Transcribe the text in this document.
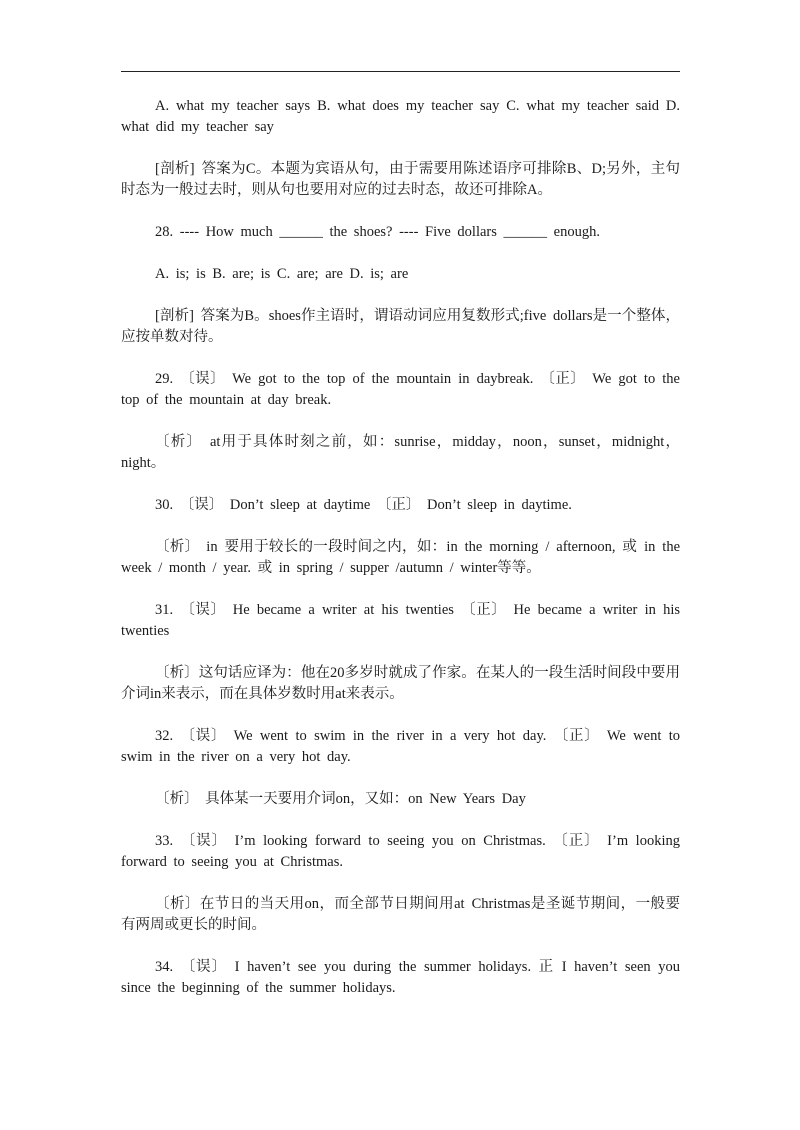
A. what my teacher says B. what does my teacher say C. what my teacher said D. what did my teacher say

[剖析] 答案为C。本题为宾语从句，由于需要用陈述语序可排除B、D;另外，主句时态为一般过去时，则从句也要用对应的过去时态，故还可排除A。

28. ---- How much ______ the shoes? ---- Five dollars ______ enough.

A. is; is B. are; is C. are; are D. is; are

[剖析] 答案为B。shoes作主语时，谓语动词应用复数形式;five dollars是一个整体，应按单数对待。

29. 〔误〕 We got to the top of the mountain in daybreak. 〔正〕 We got to the top of the mountain at day break.

〔析〕 at用于具体时刻之前，如：sunrise，midday，noon，sunset，midnight，night。

30. 〔误〕 Don’t sleep at daytime 〔正〕 Don’t sleep in daytime.

〔析〕 in 要用于较长的一段时间之内，如：in the morning / afternoon, 或 in the week / month / year. 或 in spring / supper /autumn / winter等等。

31. 〔误〕 He became a writer at his twenties 〔正〕 He became a writer in his twenties

〔析〕这句话应译为：他在20多岁时就成了作家。在某人的一段生活时间段中要用介词in来表示，而在具体岁数时用at来表示。

32. 〔误〕 We went to swim in the river in a very hot day. 〔正〕 We went to swim in the river on a very hot day.

〔析〕 具体某一天要用介词on，又如：on New Years Day

33. 〔误〕 I’m looking forward to seeing you on Christmas. 〔正〕 I’m looking forward to seeing you at Christmas.

〔析〕在节日的当天用on，而全部节日期间用at Christmas是圣诞节期间，一般要有两周或更长的时间。

34. 〔误〕 I haven’t see you during the summer holidays. 正 I haven’t seen you since the beginning of the summer holidays.
